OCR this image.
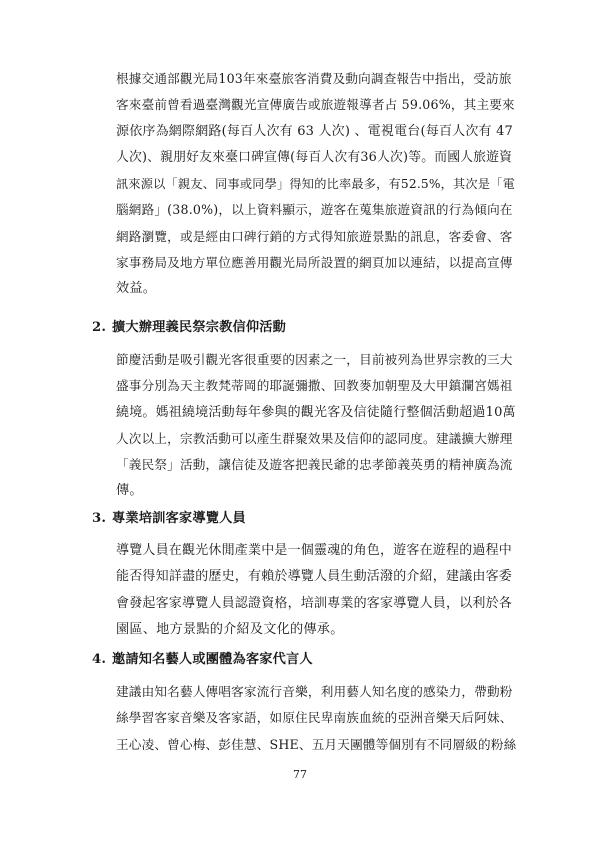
根據交通部觀光局103年來臺旅客消費及動向調查報告中指出，受訪旅
客來臺前曾看過臺灣觀光宣傳廣告或旅遊報導者占 59.06%，其主要來
源依序為網際網路(每百人次有 63 人次) 、電視電台(每百人次有 47
人次)、親朋好友來臺口碑宣傳(每百人次有36人次)等。而國人旅遊資
訊來源以「親友、同事或同學」得知的比率最多，有52.5%，其次是「電
腦網路」(38.0%)，以上資料顯示，遊客在蒐集旅遊資訊的行為傾向在
網路瀏覽，或是經由口碑行銷的方式得知旅遊景點的訊息，客委會、客
家事務局及地方單位應善用觀光局所設置的網頁加以連結，以提高宣傳
效益。
2. 擴大辦理義民祭宗教信仰活動
節慶活動是吸引觀光客很重要的因素之一，目前被列為世界宗教的三大
盛事分別為天主教梵蒂岡的耶誕彌撒、回教麥加朝聖及大甲鎮瀾宮媽祖
繞境。媽祖繞境活動每年參與的觀光客及信徒隨行整個活動超過10萬
人次以上，宗教活動可以產生群聚效果及信仰的認同度。建議擴大辦理
「義民祭」活動，讓信徒及遊客把義民爺的忠孝節義英勇的精神廣為流
傳。
3. 專業培訓客家導覽人員
導覽人員在觀光休閒產業中是一個靈魂的角色，遊客在遊程的過程中
能否得知詳盡的歷史，有賴於導覽人員生動活潑的介紹，建議由客委
會發起客家導覽人員認證資格，培訓專業的客家導覽人員，以利於各
園區、地方景點的介紹及文化的傳承。
4. 邀請知名藝人或團體為客家代言人
建議由知名藝人傳唱客家流行音樂，利用藝人知名度的感染力，帶動粉
絲學習客家音樂及客家語，如原住民卑南族血統的亞洲音樂天后阿妹、
王心凌、曾心梅、彭佳慧、SHE、五月天團體等個別有不同層級的粉絲
77
